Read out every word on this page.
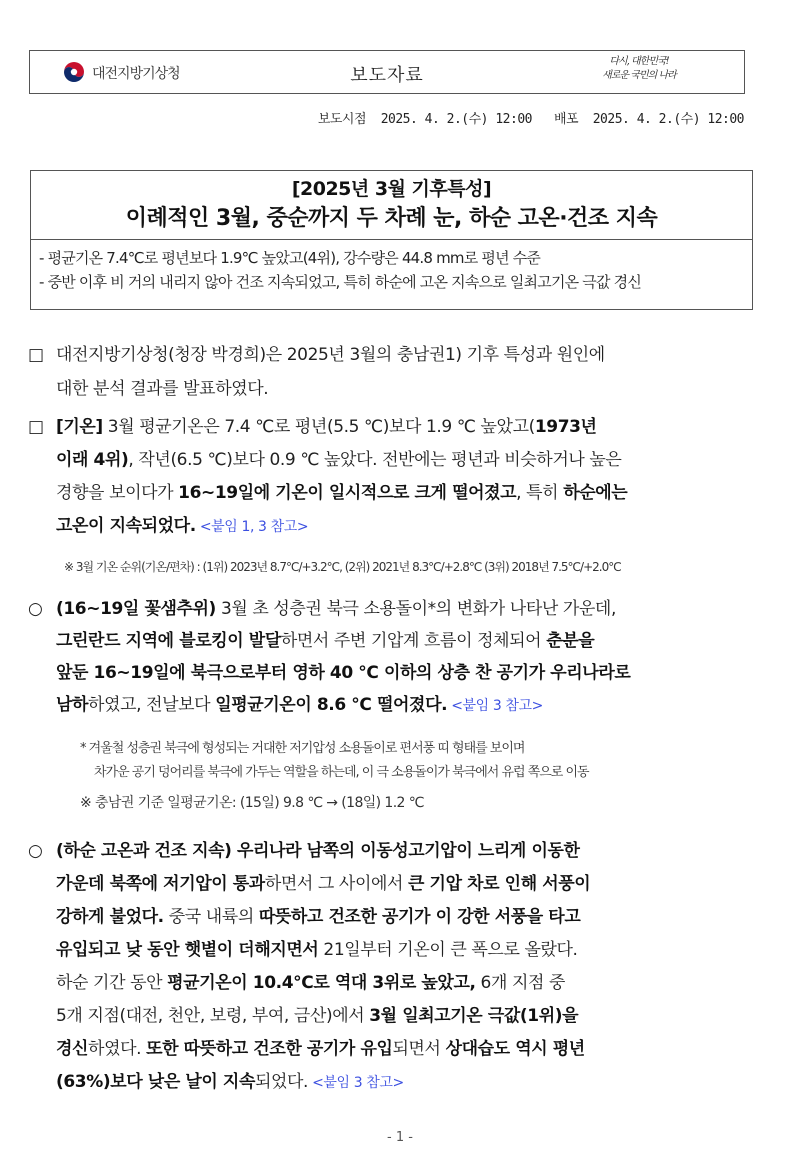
대전지방기상청	보도자료
다시, 대한민국!
새로운 국민의 나라
보도시점 2025. 4. 2.(수) 12:00 배포 2025. 4. 2.(수) 12:00
[2025년 3월 기후특성]
이례적인 3월, 중순까지 두 차례 눈, 하순 고온·건조 지속
- 평균기온 7.4℃로 평년보다 1.9℃ 높았고(4위), 강수량은 44.8 mm로 평년 수준
- 중반 이후 비 거의 내리지 않아 건조 지속되었고, 특히 하순에 고온 지속으로 일최고기온 극값 경신
□ 대전지방기상청(청장 박경희)은 2025년 3월의 충남권1) 기후 특성과 원인에
대한 분석 결과를 발표하였다.
□ [기온] 3월 평균기온은 7.4 ℃로 평년(5.5 ℃)보다 1.9 ℃ 높았고(1973년
이래 4위), 작년(6.5 ℃)보다 0.9 ℃ 높았다. 전반에는 평년과 비슷하거나 높은
경향을 보이다가 16~19일에 기온이 일시적으로 크게 떨어졌고, 특히 하순에는
고온이 지속되었다. <붙임 1, 3 참고>
※ 3월 기온 순위(기온/편차) : (1위) 2023년 8.7℃/+3.2℃, (2위) 2021년 8.3℃/+2.8℃ (3위) 2018년 7.5℃/+2.0℃
○ (16~19일 꽃샘추위) 3월 초 성층권 북극 소용돌이*의 변화가 나타난 가운데,
그린란드 지역에 블로킹이 발달하면서 주변 기압계 흐름이 정체되어 춘분을
앞둔 16~19일에 북극으로부터 영하 40 ℃ 이하의 상층 찬 공기가 우리나라로
남하하였고, 전날보다 일평균기온이 8.6 ℃ 떨어졌다. <붙임 3 참고>
* 겨울철 성층권 북극에 형성되는 거대한 저기압성 소용돌이로 편서풍 띠 형태를 보이며
차가운 공기 덩어리를 북극에 가두는 역할을 하는데, 이 극 소용돌이가 북극에서 유럽 쪽으로 이동
※ 충남권 기준 일평균기온: (15일) 9.8 ℃ → (18일) 1.2 ℃
○ (하순 고온과 건조 지속) 우리나라 남쪽의 이동성고기압이 느리게 이동한
가운데 북쪽에 저기압이 통과하면서 그 사이에서 큰 기압 차로 인해 서풍이
강하게 불었다. 중국 내륙의 따뜻하고 건조한 공기가 이 강한 서풍을 타고
유입되고 낮 동안 햇볕이 더해지면서 21일부터 기온이 큰 폭으로 올랐다.
하순 기간 동안 평균기온이 10.4℃로 역대 3위로 높았고, 6개 지점 중
5개 지점(대전, 천안, 보령, 부여, 금산)에서 3월 일최고기온 극값(1위)을
경신하였다. 또한 따뜻하고 건조한 공기가 유입되면서 상대습도 역시 평년
(63%)보다 낮은 날이 지속되었다. <붙임 3 참고>
- 1 -
